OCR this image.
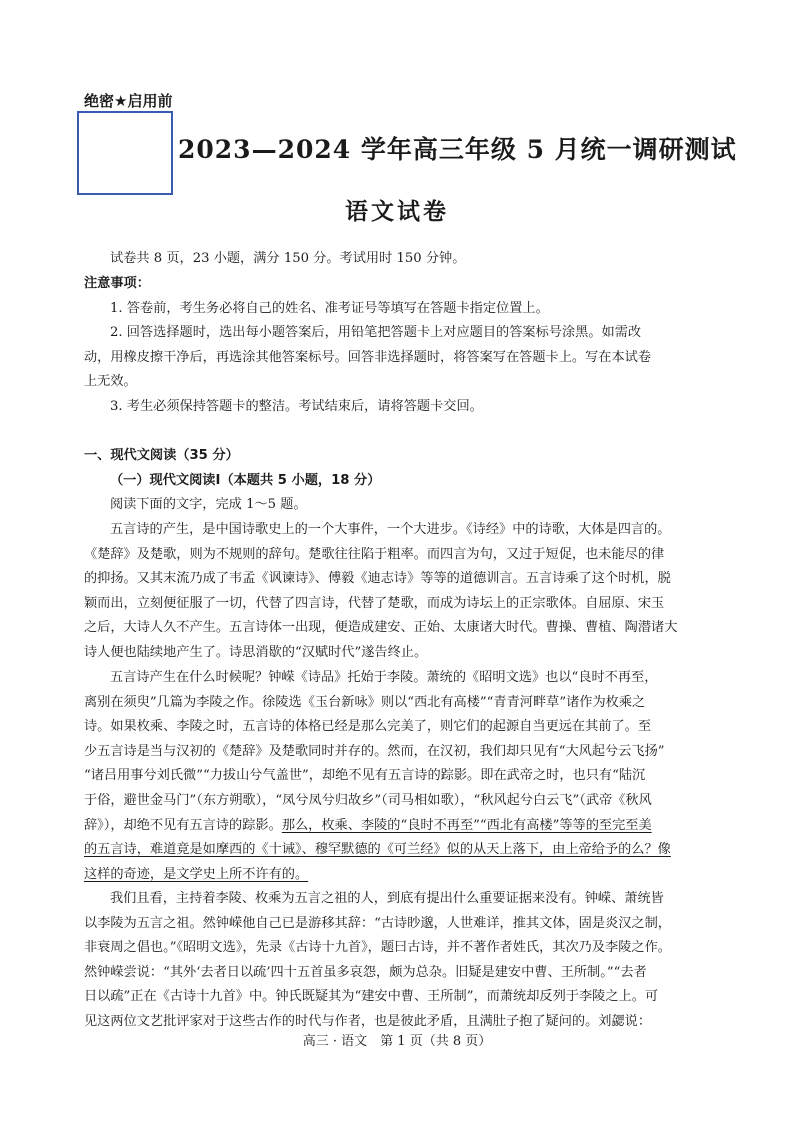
绝密★启用前
2023—2024 学年高三年级 5 月统一调研测试
语文试卷
试卷共 8 页，23 小题，满分 150 分。考试用时 150 分钟。
注意事项：
1. 答卷前，考生务必将自己的姓名、准考证号等填写在答题卡指定位置上。
2. 回答选择题时，选出每小题答案后，用铅笔把答题卡上对应题目的答案标号涂黑。如需改
动，用橡皮擦干净后，再选涂其他答案标号。回答非选择题时，将答案写在答题卡上。写在本试卷
上无效。
3. 考生必须保持答题卡的整洁。考试结束后，请将答题卡交回。
一、现代文阅读（35 分）
（一）现代文阅读Ⅰ（本题共 5 小题，18 分）
阅读下面的文字，完成 1～5 题。
五言诗的产生，是中国诗歌史上的一个大事件，一个大进步。《诗经》中的诗歌，大体是四言的。
《楚辞》及楚歌，则为不规则的辞句。楚歌往往陷于粗率。而四言为句，又过于短促，也未能尽的律
的抑扬。又其末流乃成了韦孟《讽谏诗》、傅毅《迪志诗》等等的道德训言。五言诗乘了这个时机，脱
颖而出，立刻便征服了一切，代替了四言诗，代替了楚歌，而成为诗坛上的正宗歌体。自屈原、宋玉
之后，大诗人久不产生。五言诗体一出现，便造成建安、正始、太康诸大时代。曹操、曹植、陶潜诸大
诗人便也陆续地产生了。诗思消歇的“汉赋时代”遂告终止。
五言诗产生在什么时候呢？钟嵘《诗品》托始于李陵。萧统的《昭明文选》也以“良时不再至，
离别在须臾”几篇为李陵之作。徐陵选《玉台新咏》则以“西北有高楼”“青青河畔草”诸作为枚乘之
诗。如果枚乘、李陵之时，五言诗的体格已经是那么完美了，则它们的起源自当更远在其前了。至
少五言诗是当与汉初的《楚辞》及楚歌同时并存的。然而，在汉初，我们却只见有“大风起兮云飞扬”
“诸吕用事兮刘氏微”“力拔山兮气盖世”，却绝不见有五言诗的踪影。即在武帝之时，也只有“陆沉
于俗，避世金马门”（东方朔歌），“凤兮凤兮归故乡”（司马相如歌），“秋风起兮白云飞”（武帝《秋风
辞》），却绝不见有五言诗的踪影。那么，枚乘、李陵的“良时不再至”“西北有高楼”等等的至完至美
的五言诗，难道竟是如摩西的《十诫》、穆罕默德的《可兰经》似的从天上落下，由上帝给予的么？像
这样的奇迹，是文学史上所不许有的。
我们且看，主持着李陵、枚乘为五言之祖的人，到底有提出什么重要证据来没有。钟嵘、萧统皆
以李陵为五言之祖。然钟嵘他自己已是游移其辞：“古诗眇邈，人世难详，推其文体，固是炎汉之制，
非衰周之倡也。”《昭明文选》，先录《古诗十九首》，题曰古诗，并不著作者姓氏，其次乃及李陵之作。
然钟嵘尝说：“其外‘去者日以疏’四十五首虽多哀怨，颇为总杂。旧疑是建安中曹、王所制。”“去者
日以疏”正在《古诗十九首》中。钟氏既疑其为“建安中曹、王所制”，而萧统却反列于李陵之上。可
见这两位文艺批评家对于这些古作的时代与作者，也是彼此矛盾，且满肚子抱了疑问的。刘勰说：
高三 · 语文　第 1 页（共 8 页）
